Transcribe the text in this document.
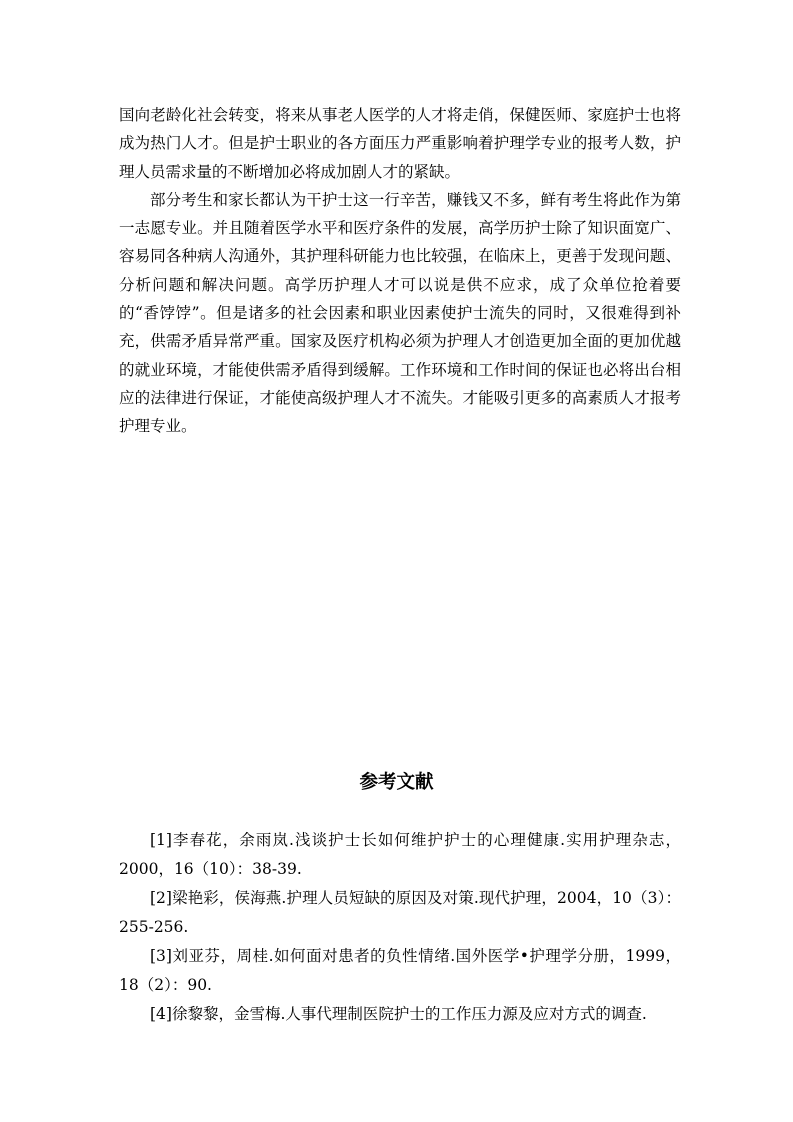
国向老龄化社会转变，将来从事老人医学的人才将走俏，保健医师、家庭护士也将成为热门人才。但是护士职业的各方面压力严重影响着护理学专业的报考人数，护理人员需求量的不断增加必将成加剧人才的紧缺。

部分考生和家长都认为干护士这一行辛苦，赚钱又不多，鲜有考生将此作为第一志愿专业。并且随着医学水平和医疗条件的发展，高学历护士除了知识面宽广、容易同各种病人沟通外，其护理科研能力也比较强，在临床上，更善于发现问题、分析问题和解决问题。高学历护理人才可以说是供不应求，成了众单位抢着要的“香饽饽”。但是诸多的社会因素和职业因素使护士流失的同时，又很难得到补充，供需矛盾异常严重。国家及医疗机构必须为护理人才创造更加全面的更加优越的就业环境，才能使供需矛盾得到缓解。工作环境和工作时间的保证也必将出台相应的法律进行保证，才能使高级护理人才不流失。才能吸引更多的高素质人才报考护理专业。

参考文献

[1]李春花，余雨岚.浅谈护士长如何维护护士的心理健康.实用护理杂志，2000，16（10）：38-39.

[2]梁艳彩，侯海燕.护理人员短缺的原因及对策.现代护理，2004，10（3）：255-256.

[3]刘亚芬，周桂.如何面对患者的负性情绪.国外医学•护理学分册，1999，18（2）：90.

[4]徐黎黎，金雪梅.人事代理制医院护士的工作压力源及应对方式的调查.
